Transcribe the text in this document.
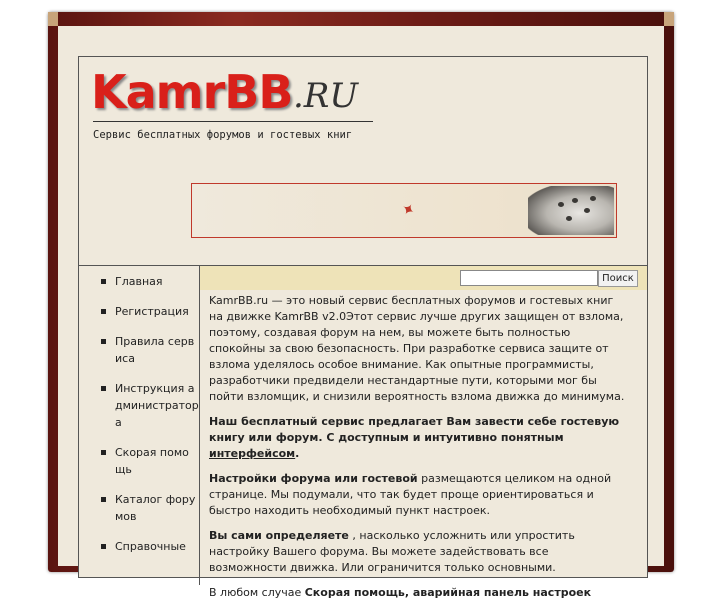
KamrBB .RU
Сервис бесплатных форумов и гостевых книг
✦
Главная
Регистрация
Правила сервиса
Инструкция администратора
Скорая помощь
Каталог форумов
Справочные
Поиск

KamrBB.ru — это новый сервис бесплатных форумов и гостевых книг на движке KamrBB v2.0Этот сервис лучше других защищен от взлома, поэтому, создавая форум на нем, вы можете быть полностью спокойны за свою безопасность. При разработке сервиса защите от взлома уделялось особое внимание. Как опытные программисты, разработчики предвидели нестандартные пути, которыми мог бы пойти взломщик, и снизили вероятность взлома движка до минимума.

Наш бесплатный сервис предлагает Вам завести себе гостевую книгу или форум. С доступным и интуитивно понятным интерфейсом.

Настройки форума или гостевой размещаются целиком на одной странице. Мы подумали, что так будет проще ориентироваться и быстро находить необходимый пункт настроек.

Вы сами определяете , насколько усложнить или упростить настройку Вашего форума. Вы можете задействовать все возможности движка. Или ограничится только основными.

В любом случае Скорая помощь, аварийная панель настроек
